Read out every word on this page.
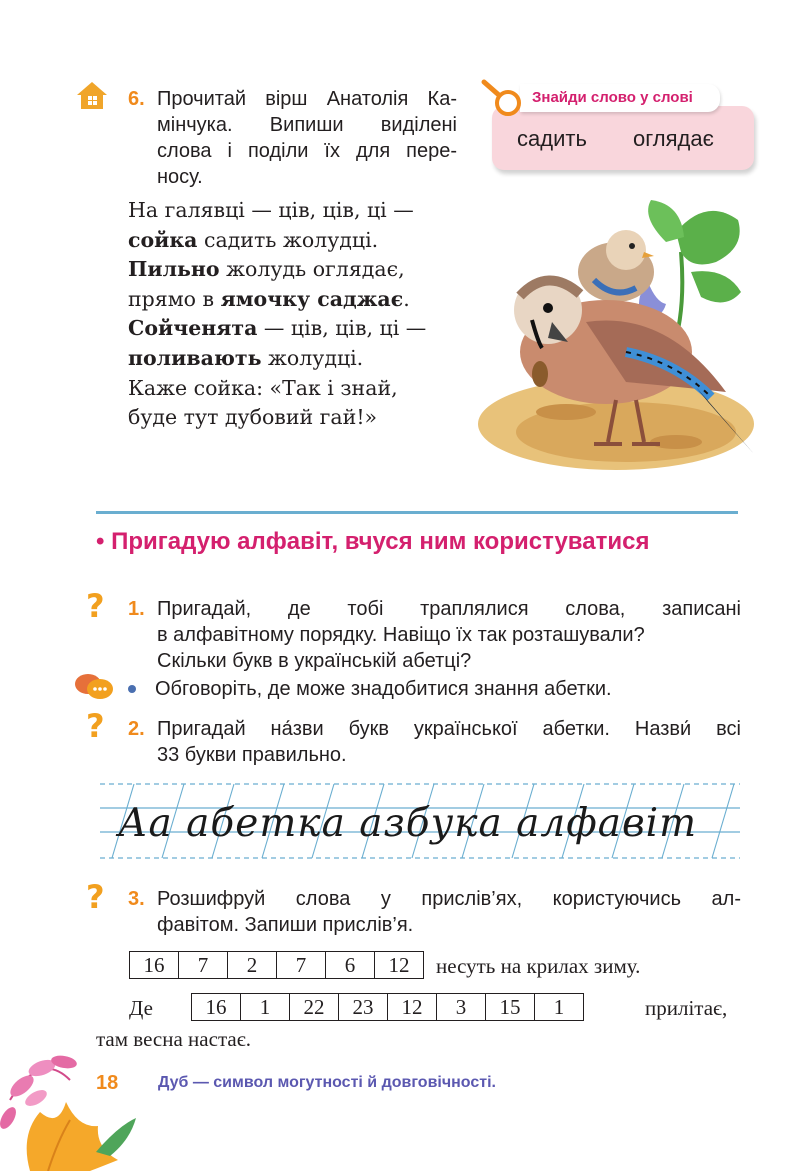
6. Прочитай вірш Анатолія Ка-
мінчука. Випиши виділені
слова і поділи їх для пере-
носу.
Знайди слово у слові
садить оглядає
На галявці — ців, ців, ці —
сойка садить жолудці.
Пильно жолудь оглядає,
прямо в ямочку саджає.
Сойченята — ців, ців, ці —
поливають жолудці.
Каже сойка: «Так і знай,
буде тут дубовий гай!»
• Пригадую алфавіт, вчуся ним користуватися
? 1. Пригадай, де тобі траплялися слова, записані
в алфавітному порядку. Навіщо їх так розташували?
Скільки букв в українській абетці?
Обговоріть, де може знадобитися знання абетки.
? 2. Пригадай на́зви букв української абетки. Назви́ всі
33 букви правильно.
Аа абетка азбука алфавіт
? 3. Розшифруй слова у прислів’ях, користуючись ал-
фавітом. Запиши прислів’я.
16	7	2	7	6	12	несуть на крилах зиму.
Де	16	1	22	23	12	3	15	1	прилітає,
там весна настає.
18 Дуб — символ могутності й довговічності.
